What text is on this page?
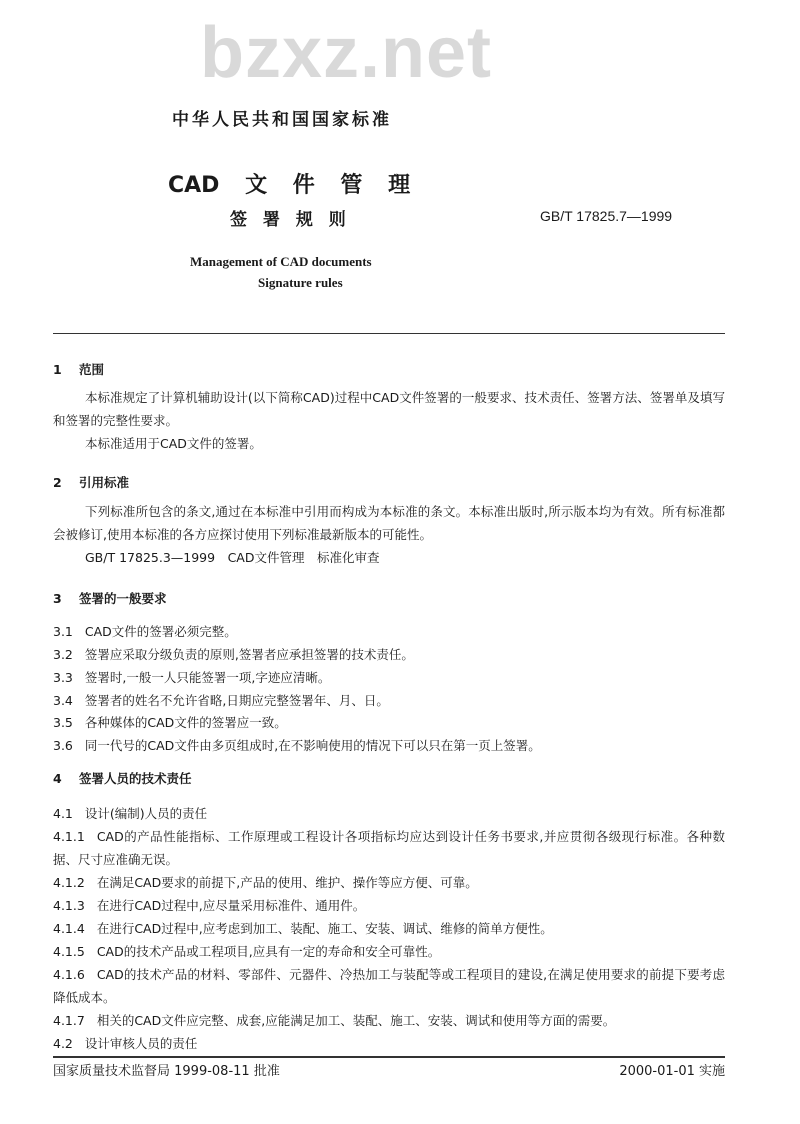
bzxz.net
中华人民共和国国家标准
CAD 文 件 管 理
签 署 规 则	GB/T 17825.7—1999
Management of CAD documents
Signature rules
1 范围
本标准规定了计算机辅助设计(以下简称CAD)过程中CAD文件签署的一般要求、技术责任、签署方法、签署单及填写和签署的完整性要求。
本标准适用于CAD文件的签署。
2 引用标准
下列标准所包含的条文,通过在本标准中引用而构成为本标准的条文。本标准出版时,所示版本均为有效。所有标准都会被修订,使用本标准的各方应探讨使用下列标准最新版本的可能性。
GB/T 17825.3—1999　CAD文件管理　标准化审查
3 签署的一般要求
3.1 CAD文件的签署必须完整。
3.2 签署应采取分级负责的原则,签署者应承担签署的技术责任。
3.3 签署时,一般一人只能签署一项,字迹应清晰。
3.4 签署者的姓名不允许省略,日期应完整签署年、月、日。
3.5 各种媒体的CAD文件的签署应一致。
3.6 同一代号的CAD文件由多页组成时,在不影响使用的情况下可以只在第一页上签署。
4 签署人员的技术责任
4.1 设计(编制)人员的责任
4.1.1 CAD的产品性能指标、工作原理或工程设计各项指标均应达到设计任务书要求,并应贯彻各级现行标准。各种数据、尺寸应准确无误。
4.1.2 在满足CAD要求的前提下,产品的使用、维护、操作等应方便、可靠。
4.1.3 在进行CAD过程中,应尽量采用标准件、通用件。
4.1.4 在进行CAD过程中,应考虑到加工、装配、施工、安装、调试、维修的简单方便性。
4.1.5 CAD的技术产品或工程项目,应具有一定的寿命和安全可靠性。
4.1.6 CAD的技术产品的材料、零部件、元器件、冷热加工与装配等或工程项目的建设,在满足使用要求的前提下要考虑降低成本。
4.1.7 相关的CAD文件应完整、成套,应能满足加工、装配、施工、安装、调试和使用等方面的需要。
4.2 设计审核人员的责任
国家质量技术监督局 1999-08-11 批准	2000-01-01 实施
